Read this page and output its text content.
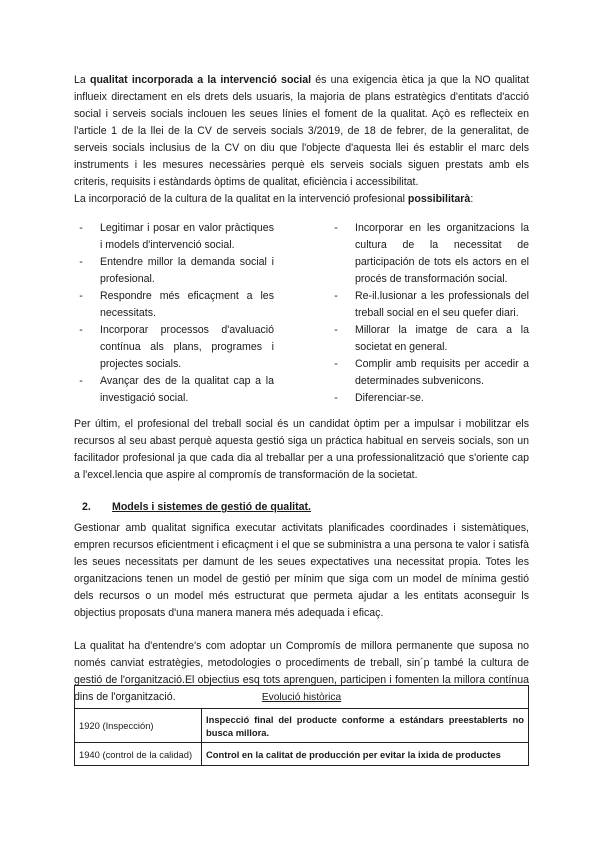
La qualitat incorporada a la intervenció social és una exigencia ètica ja que la NO qualitat influeix directament en els drets dels usuaris, la majoria de plans estratègics d'entitats d'acció social i serveis socials inclouen les seues línies el foment de la qualitat. Açò es reflecteix en l'article 1 de la llei de la CV de serveis socials 3/2019, de 18 de febrer, de la generalitat, de serveis socials inclusius de la CV on diu que l'objecte d'aquesta llei és establir el marc dels instruments i les mesures necessàries perquè els serveis socials siguen prestats amb els criteris, requisits i estàndards òptims de qualitat, eficiència i accessibilitat.

La incorporació de la cultura de la qualitat en la intervenció profesional possibilitarà:

-	Legitimar i posar en valor pràctiques i models d'intervenció social.
-	Entendre millor la demanda social i profesional.
-	Respondre més eficaçment a les necessitats.
-	Incorporar processos d'avaluació contínua als plans, programes i projectes socials.
-	Avançar des de la qualitat cap a la investigació social.
-	Incorporar en les organitzacions la cultura de la necessitat de participación de tots els actors en el procés de transformación social.
-	Re-il.lusionar a les professionals del treball social en el seu quefer diari.
-	Millorar la imatge de cara a la societat en general.
-	Complir amb requisits per accedir a determinades subvenicons.
-	Diferenciar-se.

Per últim, el profesional del treball social és un candidat òptim per a impulsar i mobilitzar els recursos al seu abast perquè aquesta gestió siga un práctica habitual en serveis socials, son un facilitador profesional ja que cada dia al treballar per a una professionalització que s'oriente cap a l'excel.lencia que aspire al compromís de transformación de la societat.

2.	Models i sistemes de gestió de qualitat.

Gestionar amb qualitat significa executar activitats planificades coordinades i sistemàtiques, empren recursos eficientment i eficaçment i el que se subministra a una persona te valor i satisfà les seues necessitats per damunt de les seues expectatives una necessitat propia. Totes les organitzacions tenen un model de gestió per mínim que siga com un model de mínima gestió dels recursos o un model més estructurat que permeta ajudar a les entitats aconseguir ls objectius proposats d'una manera manera més adequada i eficaç.

La qualitat ha d'entendre's com adoptar un Compromís de millora permanente que suposa no només canviat estratègies, metodologies o procediments de treball, sin´p també la cultura de gestió de l'organització.El objectius esq tots aprenguen, participen i fomenten la millora contínua dins de l'organització.	Evolució històrica	
1920 (Inspección)	Inspecció final del producte conforme a estándars preestablerts no busca millora.
1940 (control de la calidad)	Control en la calitat de producción per evitar la ixida de productes
